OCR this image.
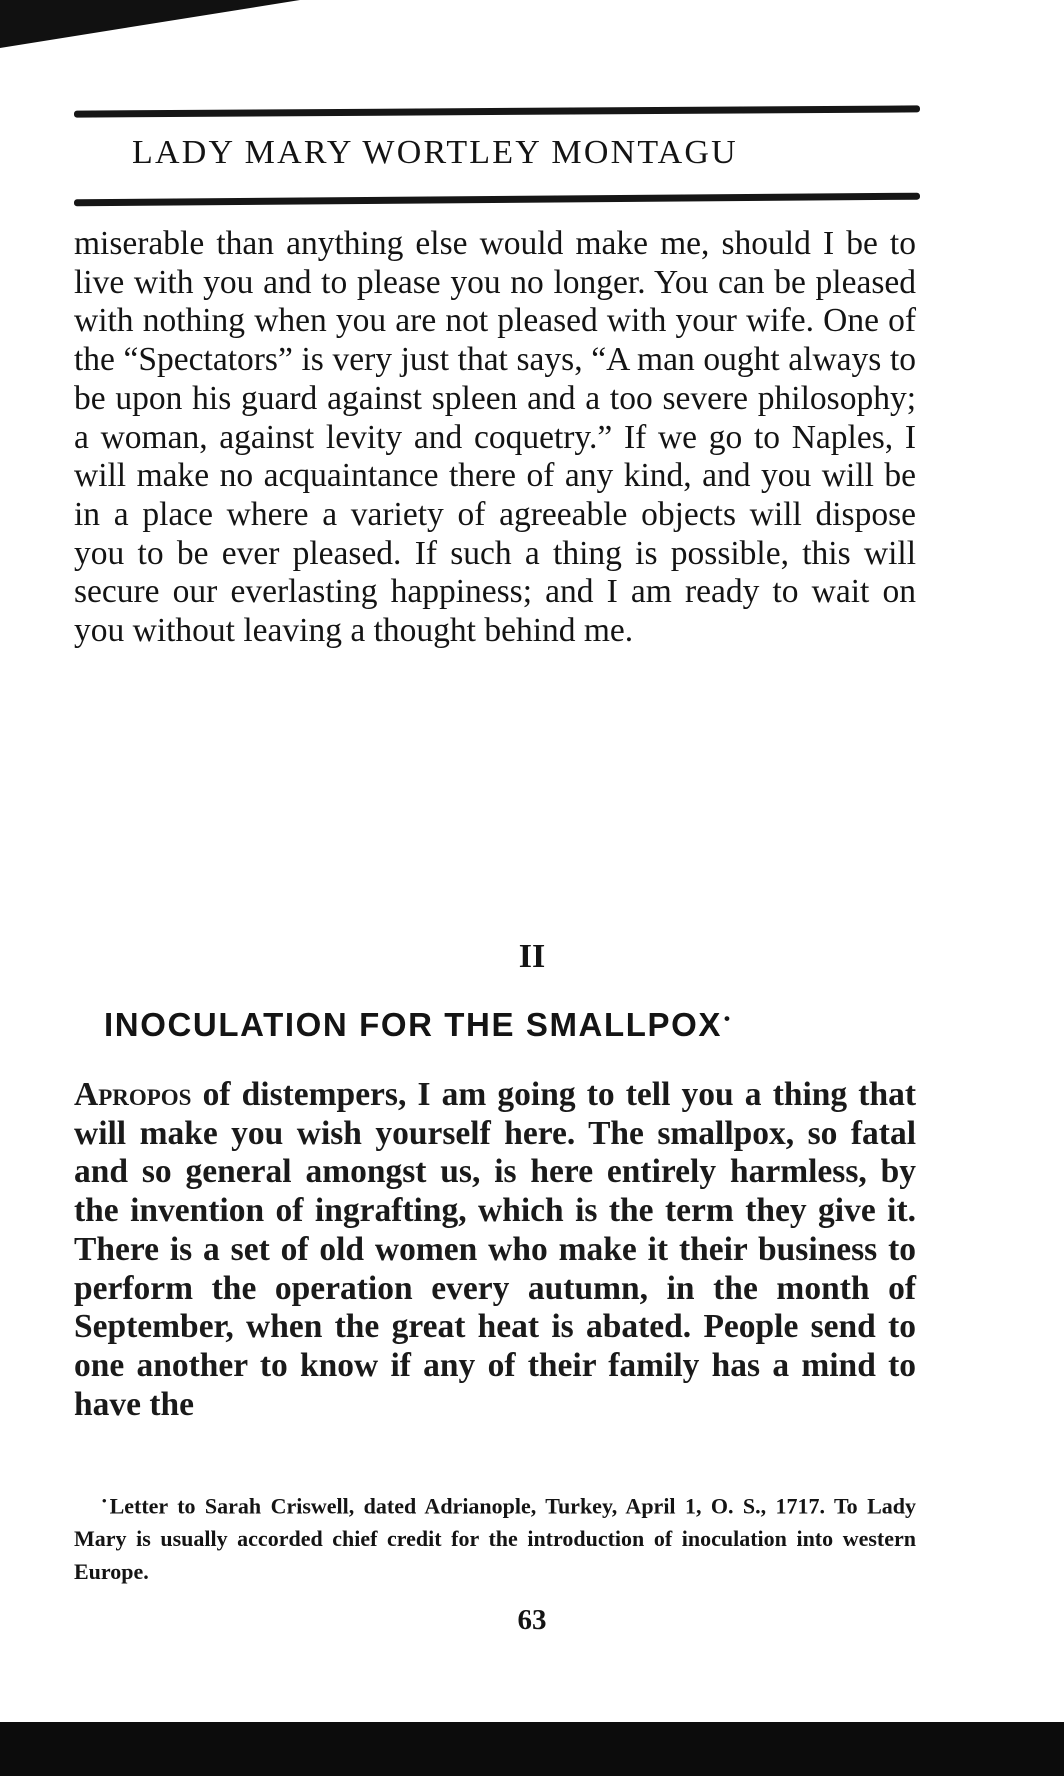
LADY MARY WORTLEY MONTAGU

miserable than anything else would make me, should I be to live with you and to please you no longer. You can be pleased with nothing when you are not pleased with your wife. One of the “Spectators” is very just that says, “A man ought always to be upon his guard against spleen and a too severe philosophy; a woman, against levity and coquetry.” If we go to Naples, I will make no acquaintance there of any kind, and you will be in a place where a variety of agreeable objects will dispose you to be ever pleased. If such a thing is possible, this will secure our everlasting happiness; and I am ready to wait on you without leaving a thought behind me.

II
INOCULATION FOR THE SMALLPOX •

Apropos of distempers, I am going to tell you a thing that will make you wish yourself here. The smallpox, so fatal and so general amongst us, is here entirely harmless, by the invention of ingrafting, which is the term they give it. There is a set of old women who make it their business to perform the operation every autumn, in the month of September, when the great heat is abated. People send to one another to know if any of their family has a mind to have the

• Letter to Sarah Criswell, dated Adrianople, Turkey, April 1, O. S., 1717. To Lady Mary is usually accorded chief credit for the introduction of inoculation into western Europe.

63
